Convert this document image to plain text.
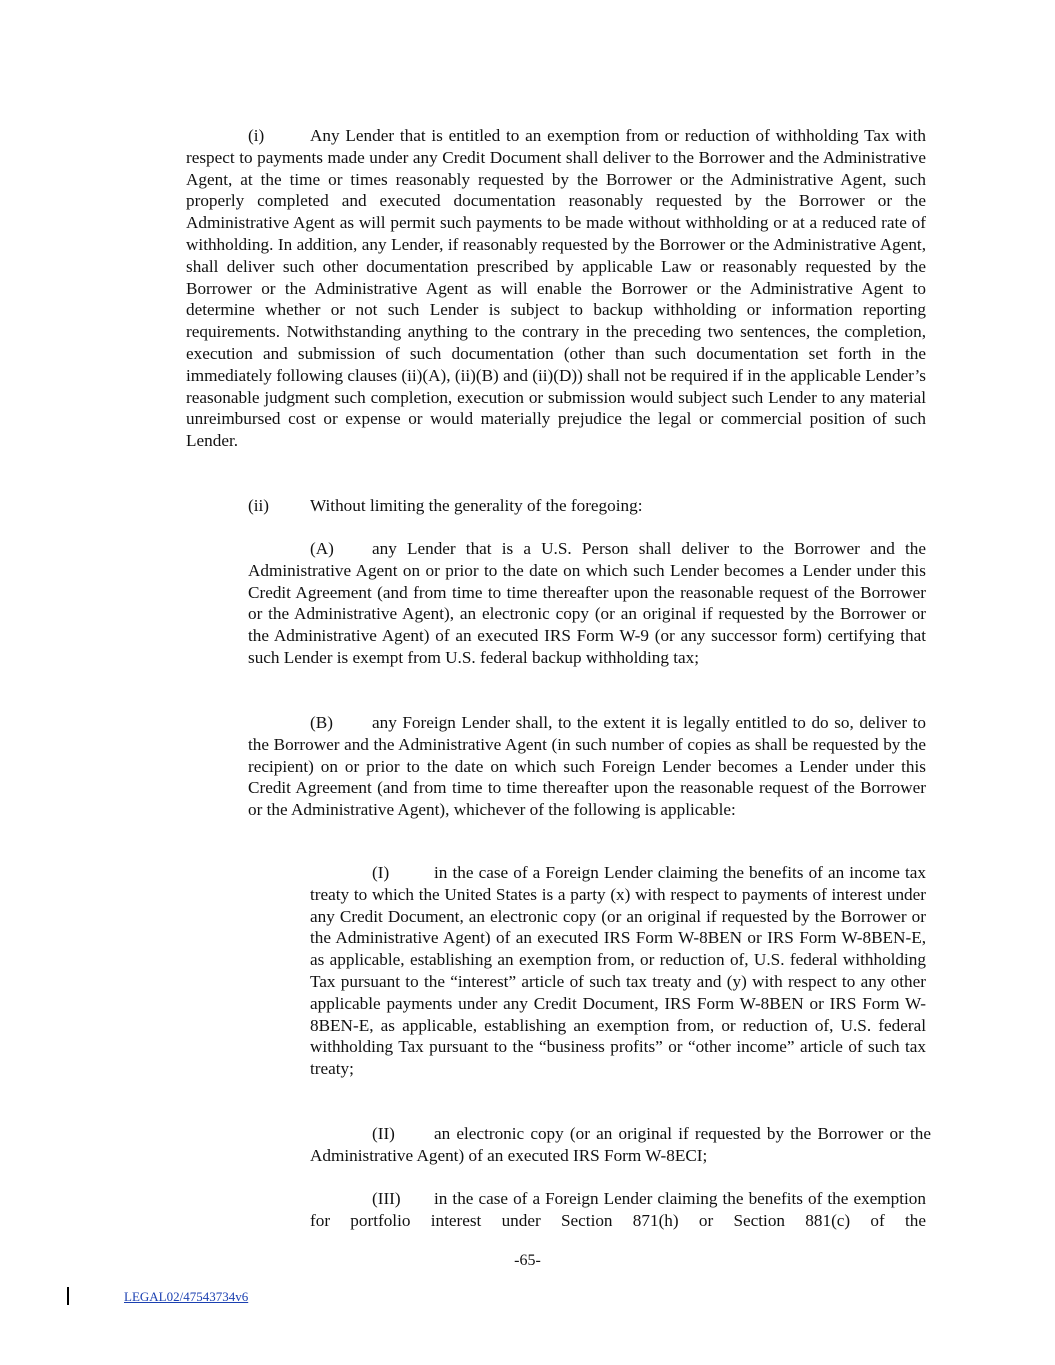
(i)	Any Lender that is entitled to an exemption from or reduction of withholding Tax with respect to payments made under any Credit Document shall deliver to the Borrower and the Administrative Agent, at the time or times reasonably requested by the Borrower or the Administrative Agent, such properly completed and executed documentation reasonably requested by the Borrower or the Administrative Agent as will permit such payments to be made without withholding or at a reduced rate of withholding. In addition, any Lender, if reasonably requested by the Borrower or the Administrative Agent, shall deliver such other documentation prescribed by applicable Law or reasonably requested by the Borrower or the Administrative Agent as will enable the Borrower or the Administrative Agent to determine whether or not such Lender is subject to backup withholding or information reporting requirements. Notwithstanding anything to the contrary in the preceding two sentences, the completion, execution and submission of such documentation (other than such documentation set forth in the immediately following clauses (ii)(A), (ii)(B) and (ii)(D)) shall not be required if in the applicable Lender’s reasonable judgment such completion, execution or submission would subject such Lender to any material unreimbursed cost or expense or would materially prejudice the legal or commercial position of such Lender.

(ii) Without limiting the generality of the foregoing:

(A) any Lender that is a U.S. Person shall deliver to the Borrower and the Administrative Agent on or prior to the date on which such Lender becomes a Lender under this Credit Agreement (and from time to time thereafter upon the reasonable request of the Borrower or the Administrative Agent), an electronic copy (or an original if requested by the Borrower or the Administrative Agent) of an executed IRS Form W-9 (or any successor form) certifying that such Lender is exempt from U.S. federal backup withholding tax;

(B) any Foreign Lender shall, to the extent it is legally entitled to do so, deliver to the Borrower and the Administrative Agent (in such number of copies as shall be requested by the recipient) on or prior to the date on which such Foreign Lender becomes a Lender under this Credit Agreement (and from time to time thereafter upon the reasonable request of the Borrower or the Administrative Agent), whichever of the following is applicable:

(I)	in the case of a Foreign Lender claiming the benefits of an income tax treaty to which the United States is a party (x) with respect to payments of interest under any Credit Document, an electronic copy (or an original if requested by the Borrower or the Administrative Agent) of an executed IRS Form W-8BEN or IRS Form W-8BEN-E, as applicable, establishing an exemption from, or reduction of, U.S. federal withholding Tax pursuant to the “interest” article of such tax treaty and (y) with respect to any other applicable payments under any Credit Document, IRS Form W-8BEN or IRS Form W-8BEN-E, as applicable, establishing an exemption from, or reduction of, U.S. federal withholding Tax pursuant to the “business profits” or “other income” article of such tax treaty;

(II) an electronic copy (or an original if requested by the Borrower or the Administrative Agent) of an executed IRS Form W-8ECI;

(III) in the case of a Foreign Lender claiming the benefits of the exemption for portfolio interest under Section 871(h) or Section 881(c) of the

-65-
LEGAL02/47543734v6
